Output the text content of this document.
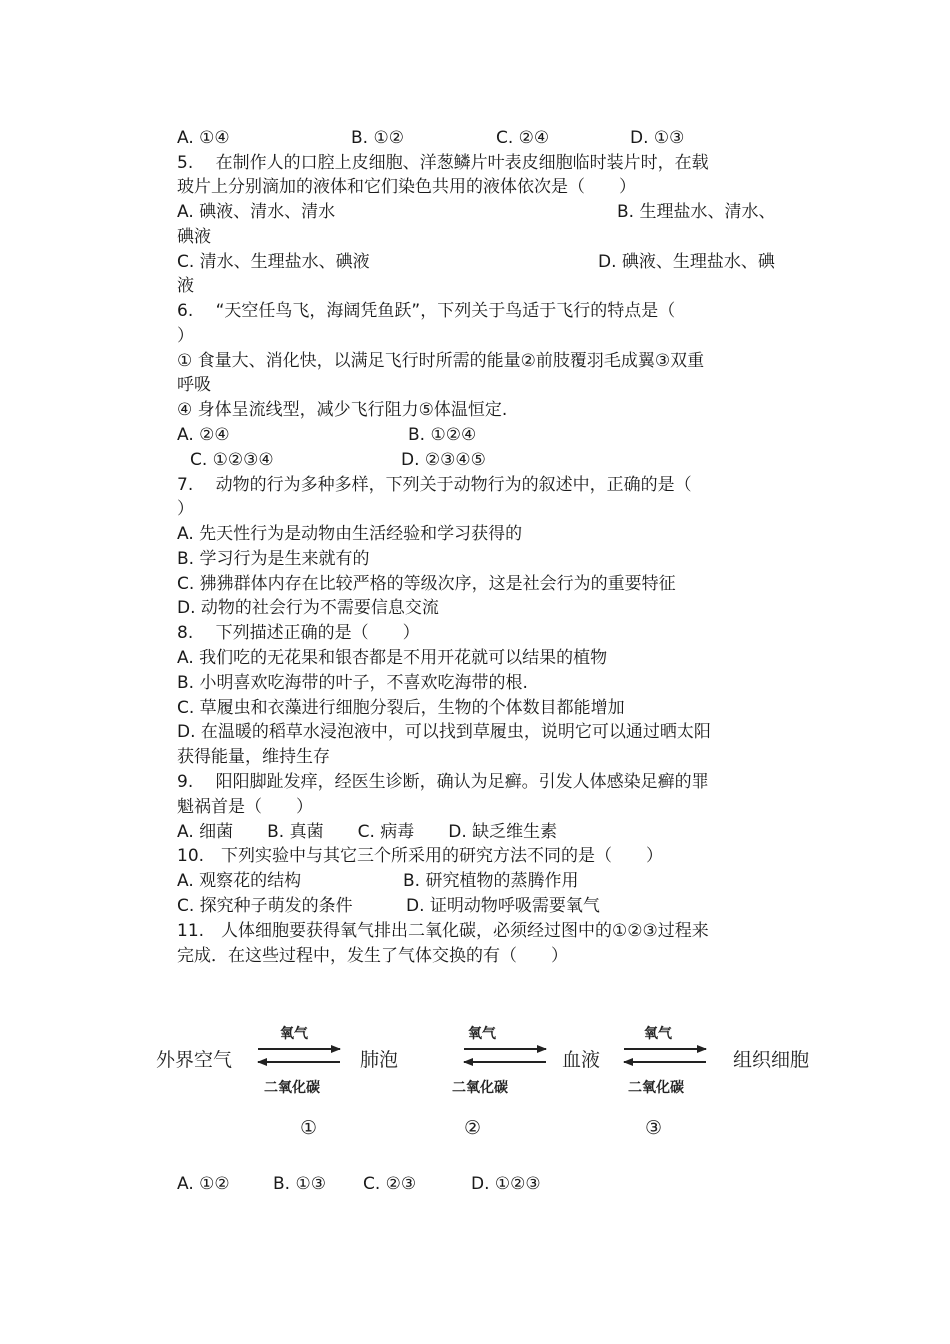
A. ①④	B. ①②	C. ②④	D. ①③
5.　 在制作人的口腔上皮细胞、洋葱鳞片叶表皮细胞临时装片时，在载
玻片上分别滴加的液体和它们染色共用的液体依次是（　　）
A. 碘液、清水、清水	B. 生理盐水、清水、
碘液
C. 清水、生理盐水、碘液	D. 碘液、生理盐水、碘
液
6.　 “天空任鸟飞，海阔凭鱼跃”，下列关于鸟适于飞行的特点是（
）
① 食量大、消化快，以满足飞行时所需的能量②前肢覆羽毛成翼③双重
呼吸
④ 身体呈流线型，减少飞行阻力⑤体温恒定.
A. ②④	B. ①②④
C. ①②③④	D. ②③④⑤
7.　 动物的行为多种多样，下列关于动物行为的叙述中，正确的是（
）
A. 先天性行为是动物由生活经验和学习获得的
B. 学习行为是生来就有的
C. 狒狒群体内存在比较严格的等级次序，这是社会行为的重要特征
D. 动物的社会行为不需要信息交流
8.　 下列描述正确的是（　　）
A. 我们吃的无花果和银杏都是不用开花就可以结果的植物
B. 小明喜欢吃海带的叶子，不喜欢吃海带的根.
C. 草履虫和衣藻进行细胞分裂后，生物的个体数目都能增加
D. 在温暖的稻草水浸泡液中，可以找到草履虫，说明它可以通过晒太阳
获得能量，维持生存
9.　 阳阳脚趾发痒，经医生诊断，确认为足癣。引发人体感染足癣的罪
魁祸首是（　　）
A. 细菌　　B. 真菌　　C. 病毒　　D. 缺乏维生素
10.　下列实验中与其它三个所采用的研究方法不同的是（　　）
A. 观察花的结构	B. 研究植物的蒸腾作用
C. 探究种子萌发的条件	D. 证明动物呼吸需要氧气
11.　人体细胞要获得氧气排出二氧化碳，必须经过图中的①②③过程来
完成．在这些过程中，发生了气体交换的有（　　）
外界空气	肺泡	血液	组织细胞
氧气
二氧化碳
氧气
二氧化碳
氧气
二氧化碳
①	②	③
A. ①②	B. ①③ C. ②③	D. ①②③
